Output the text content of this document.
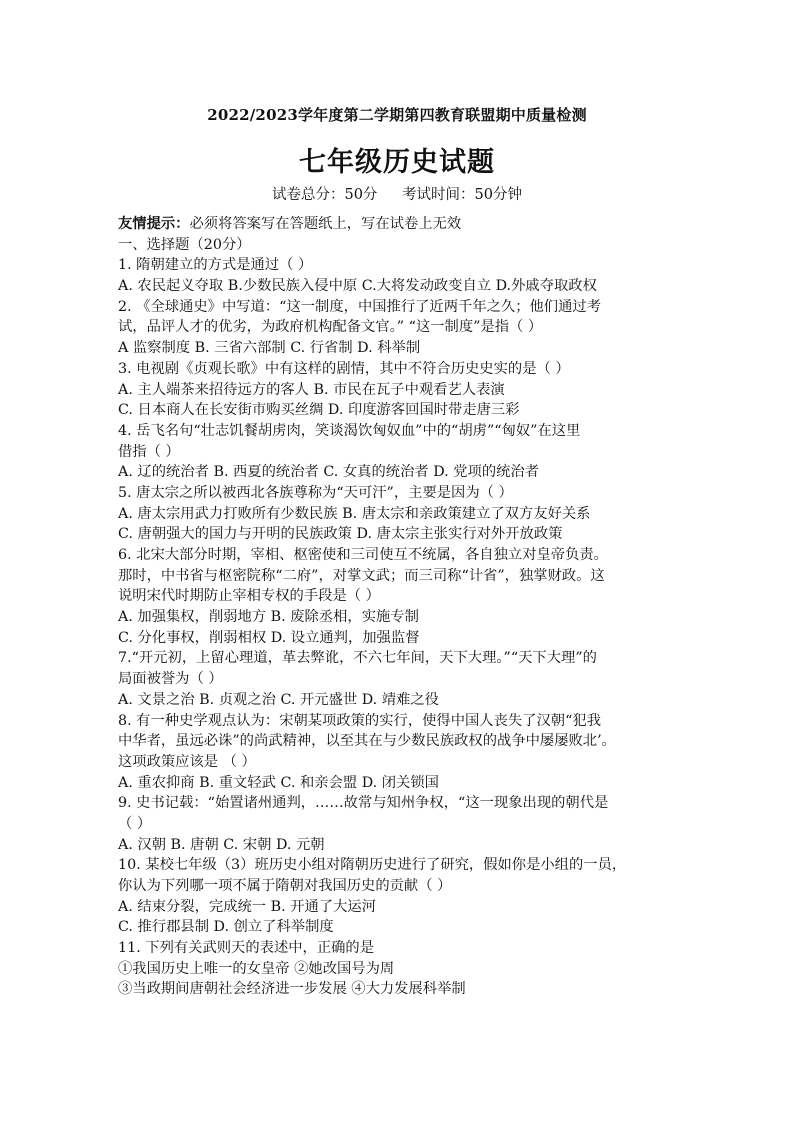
2022/2023学年度第二学期第四教育联盟期中质量检测
七年级历史试题
试卷总分：50分 考试时间：50分钟
友情提示：必须将答案写在答题纸上，写在试卷上无效
一、选择题（20分）
1. 隋朝建立的方式是通过（ ）
A. 农民起义夺取 B.少数民族入侵中原 C.大将发动政变自立 D.外戚夺取政权
2. 《全球通史》中写道：“这一制度，中国推行了近两千年之久；他们通过考
试，品评人才的优劣，为政府机构配备文官。” “这一制度”是指（ ）
A 监察制度 B. 三省六部制 C. 行省制 D. 科举制
3. 电视剧《贞观长歌》中有这样的剧情，其中不符合历史史实的是（ ）
A. 主人端茶来招待远方的客人 B. 市民在瓦子中观看艺人表演
C. 日本商人在长安街市购买丝绸 D. 印度游客回国时带走唐三彩
4. 岳飞名句“壮志饥餐胡虏肉，笑谈渴饮匈奴血”中的“胡虏”“匈奴”在这里
借指（ ）
A. 辽的统治者 B. 西夏的统治者 C. 女真的统治者 D. 党项的统治者
5. 唐太宗之所以被西北各族尊称为“天可汗”，主要是因为（ ）
A. 唐太宗用武力打败所有少数民族 B. 唐太宗和亲政策建立了双方友好关系
C. 唐朝强大的国力与开明的民族政策 D. 唐太宗主张实行对外开放政策
6. 北宋大部分时期，宰相、枢密使和三司使互不统属，各自独立对皇帝负责。
那时，中书省与枢密院称“二府”，对掌文武；而三司称“计省”，独掌财政。这
说明宋代时期防止宰相专权的手段是（ ）
A. 加强集权，削弱地方 B. 废除丞相，实施专制
C. 分化事权，削弱相权 D. 设立通判，加强监督
7.“开元初，上留心理道，革去弊讹，不六七年间，天下大理。”“天下大理”的
局面被誉为（ ）
A. 文景之治 B. 贞观之治 C. 开元盛世 D. 靖难之役
8. 有一种史学观点认为：宋朝某项政策的实行，使得中国人丧失了汉朝“犯我
中华者，虽远必诛”的尚武精神，以至其在与少数民族政权的战争中屡屡败北’。
这项政策应该是 （ ）
A. 重农抑商 B. 重文轻武 C. 和亲会盟 D. 闭关锁国
9. 史书记载：“始置诸州通判，……故常与知州争权，“这一现象出现的朝代是
（ ）
A. 汉朝 B. 唐朝 C. 宋朝 D. 元朝
10. 某校七年级（3）班历史小组对隋朝历史进行了研究，假如你是小组的一员，
你认为下列哪一项不属于隋朝对我国历史的贡献（ ）
A. 结束分裂，完成统一 B. 开通了大运河
C. 推行郡县制 D. 创立了科举制度
11. 下列有关武则天的表述中，正确的是
①我国历史上唯一的女皇帝 ②她改国号为周
③当政期间唐朝社会经济进一步发展 ④大力发展科举制
